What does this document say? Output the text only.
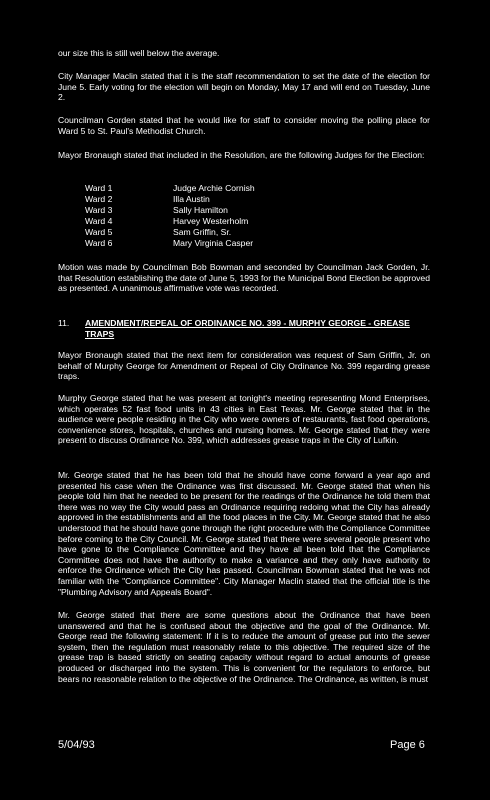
our size this is still well below the average.
City Manager Maclin stated that it is the staff recommendation to set the date of the election for June 5. Early voting for the election will begin on Monday, May 17 and will end on Tuesday, June 2.
Councilman Gorden stated that he would like for staff to consider moving the polling place for Ward 5 to St. Paul's Methodist Church.
Mayor Bronaugh stated that included in the Resolution, are the following Judges for the Election:
Ward 1	Judge Archie Cornish
Ward 2	Illa Austin
Ward 3	Sally Hamilton
Ward 4	Harvey Westerholm
Ward 5	Sam Griffin, Sr.
Ward 6	Mary Virginia Casper
Motion was made by Councilman Bob Bowman and seconded by Councilman Jack Gorden, Jr. that Resolution establishing the date of June 5, 1993 for the Municipal Bond Election be approved as presented. A unanimous affirmative vote was recorded.
11. AMENDMENT/REPEAL OF ORDINANCE NO. 399 - MURPHY GEORGE - GREASE TRAPS
Mayor Bronaugh stated that the next item for consideration was request of Sam Griffin, Jr. on behalf of Murphy George for Amendment or Repeal of City Ordinance No. 399 regarding grease traps.
Murphy George stated that he was present at tonight's meeting representing Mond Enterprises, which operates 52 fast food units in 43 cities in East Texas. Mr. George stated that in the audience were people residing in the City who were owners of restaurants, fast food operations, convenience stores, hospitals, churches and nursing homes. Mr. George stated that they were present to discuss Ordinance No. 399, which addresses grease traps in the City of Lufkin.
Mr. George stated that he has been told that he should have come forward a year ago and presented his case when the Ordinance was first discussed. Mr. George stated that when his people told him that he needed to be present for the readings of the Ordinance he told them that there was no way the City would pass an Ordinance requiring redoing what the City has already approved in the establishments and all the food places in the City. Mr. George stated that he also understood that he should have gone through the right procedure with the Compliance Committee before coming to the City Council. Mr. George stated that there were several people present who have gone to the Compliance Committee and they have all been told that the Compliance Committee does not have the authority to make a variance and they only have authority to enforce the Ordinance which the City has passed. Councilman Bowman stated that he was not familiar with the "Compliance Committee". City Manager Maclin stated that the official title is the "Plumbing Advisory and Appeals Board".
Mr. George stated that there are some questions about the Ordinance that have been unanswered and that he is confused about the objective and the goal of the Ordinance. Mr. George read the following statement: If it is to reduce the amount of grease put into the sewer system, then the regulation must reasonably relate to this objective. The required size of the grease trap is based strictly on seating capacity without regard to actual amounts of grease produced or discharged into the system. This is convenient for the regulators to enforce, but bears no reasonable relation to the objective of the Ordinance. The Ordinance, as written, is must
5/04/93	Page 6
